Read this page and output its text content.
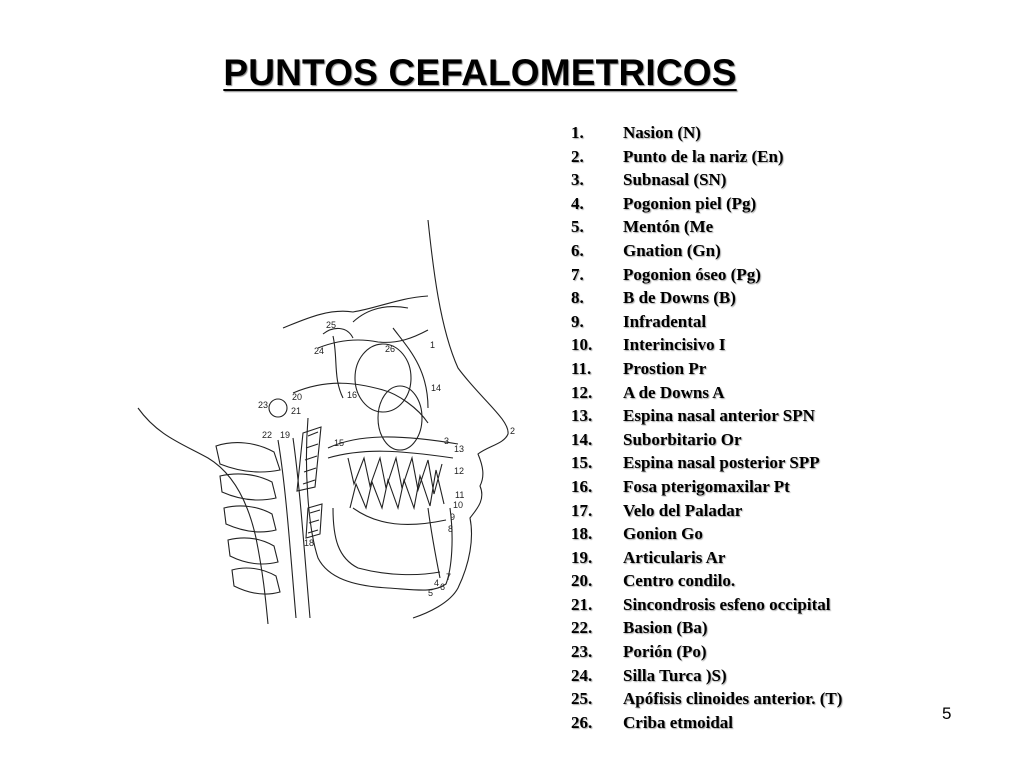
PUNTOS CEFALOMETRICOS
2
13
12
11
10
9
8
7
6
5
4
3
1
14
15
16
18
19
20
21
22
23
24
25
26
1. Nasion (N)
2. Punto de la nariz (En)
3. Subnasal (SN)
4. Pogonion piel (Pg)
5. Mentón (Me
6. Gnation (Gn)
7. Pogonion óseo (Pg)
8. B de Downs (B)
9. Infradental
10. Interincisivo I
11. Prostion Pr
12. A de Downs A
13. Espina nasal anterior SPN
14. Suborbitario Or
15. Espina nasal posterior SPP
16. Fosa pterigomaxilar Pt
17. Velo del Paladar
18. Gonion Go
19. Articularis Ar
20. Centro condilo.
21. Sincondrosis esfeno occipital
22. Basion (Ba)
23. Porión (Po)
24. Silla Turca )S)
25. Apófisis clinoides anterior. (T)
26. Criba etmoidal	5
